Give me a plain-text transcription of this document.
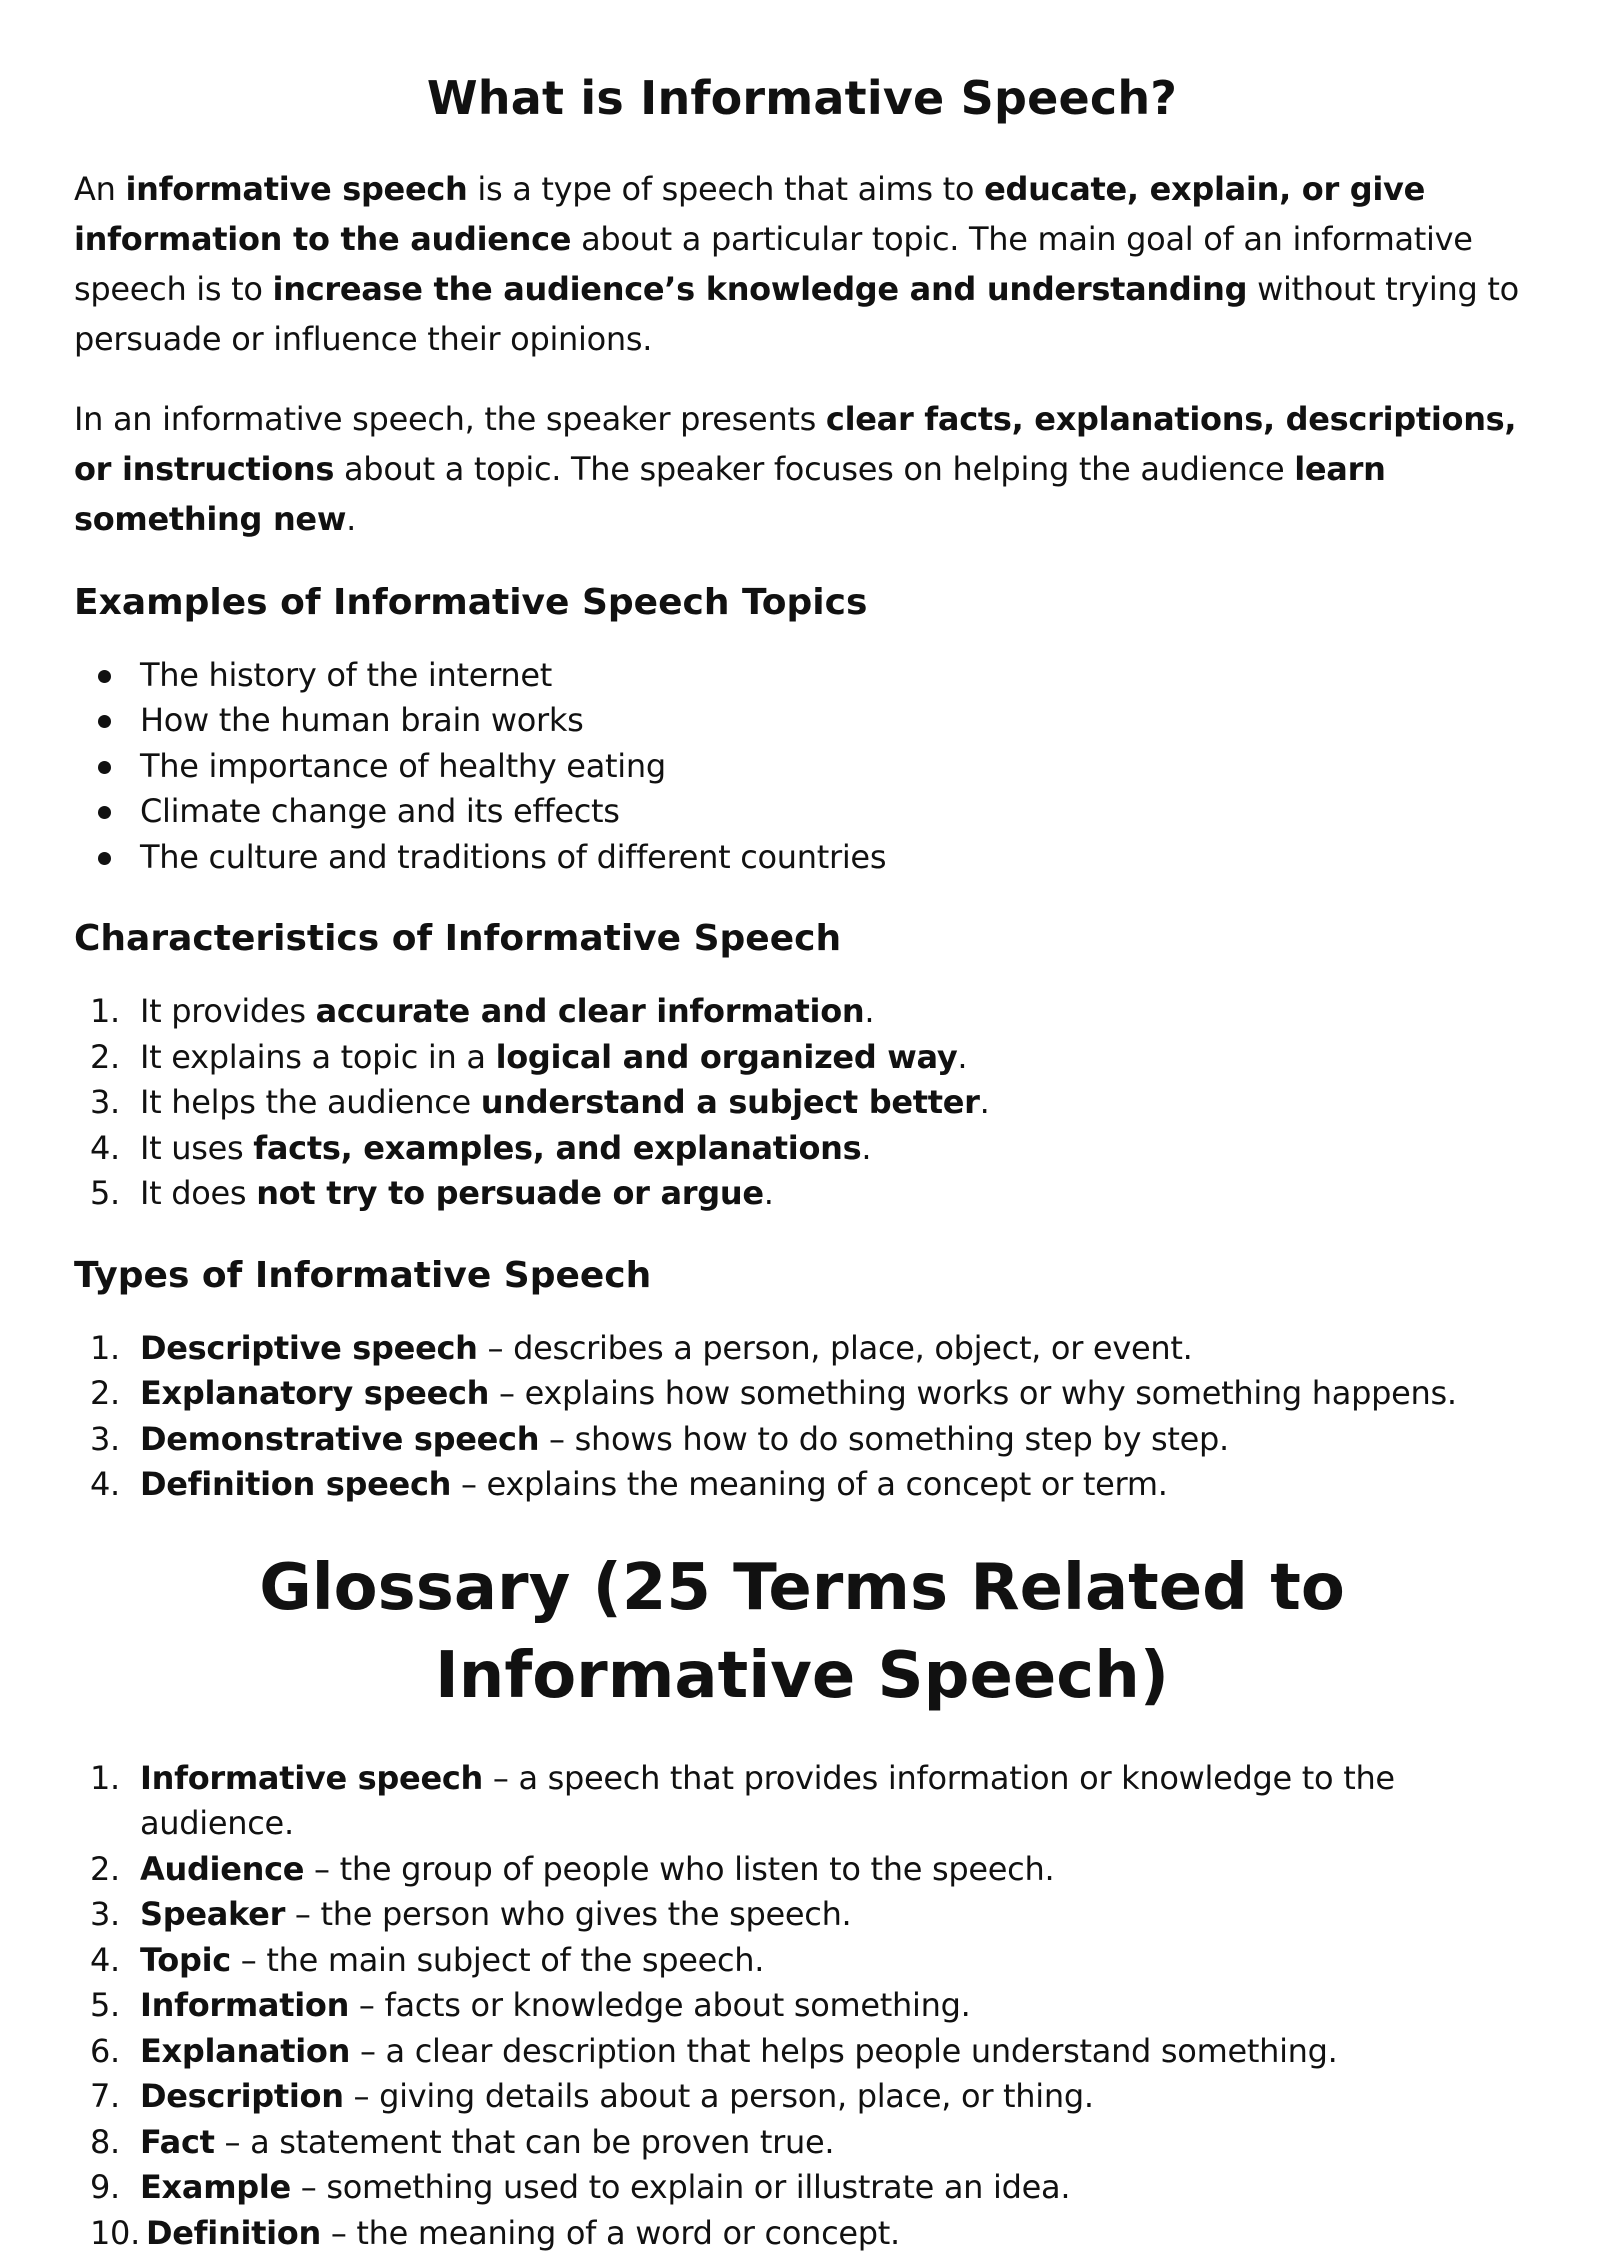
What is Informative Speech?

An informative speech is a type of speech that aims to educate, explain, or give information to the audience about a particular topic. The main goal of an informative speech is to increase the audience’s knowledge and understanding without trying to persuade or influence their opinions.

In an informative speech, the speaker presents clear facts, explanations, descriptions, or instructions about a topic. The speaker focuses on helping the audience learn something new.

Examples of Informative Speech Topics
The history of the internet
How the human brain works
The importance of healthy eating
Climate change and its effects
The culture and traditions of different countries
Characteristics of Informative Speech
1. It provides accurate and clear information.
2. It explains a topic in a logical and organized way.
3. It helps the audience understand a subject better.
4. It uses facts, examples, and explanations.
5. It does not try to persuade or argue.
Types of Informative Speech
1. Descriptive speech – describes a person, place, object, or event.
2. Explanatory speech – explains how something works or why something happens.
3. Demonstrative speech – shows how to do something step by step.
4. Definition speech – explains the meaning of a concept or term.
Glossary (25 Terms Related to Informative Speech)
1. Informative speech – a speech that provides information or knowledge to the audience.
2. Audience – the group of people who listen to the speech.
3. Speaker – the person who gives the speech.
4. Topic – the main subject of the speech.
5. Information – facts or knowledge about something.
6. Explanation – a clear description that helps people understand something.
7. Description – giving details about a person, place, or thing.
8. Fact – a statement that can be proven true.
9. Example – something used to explain or illustrate an idea.
10. Definition – the meaning of a word or concept.
